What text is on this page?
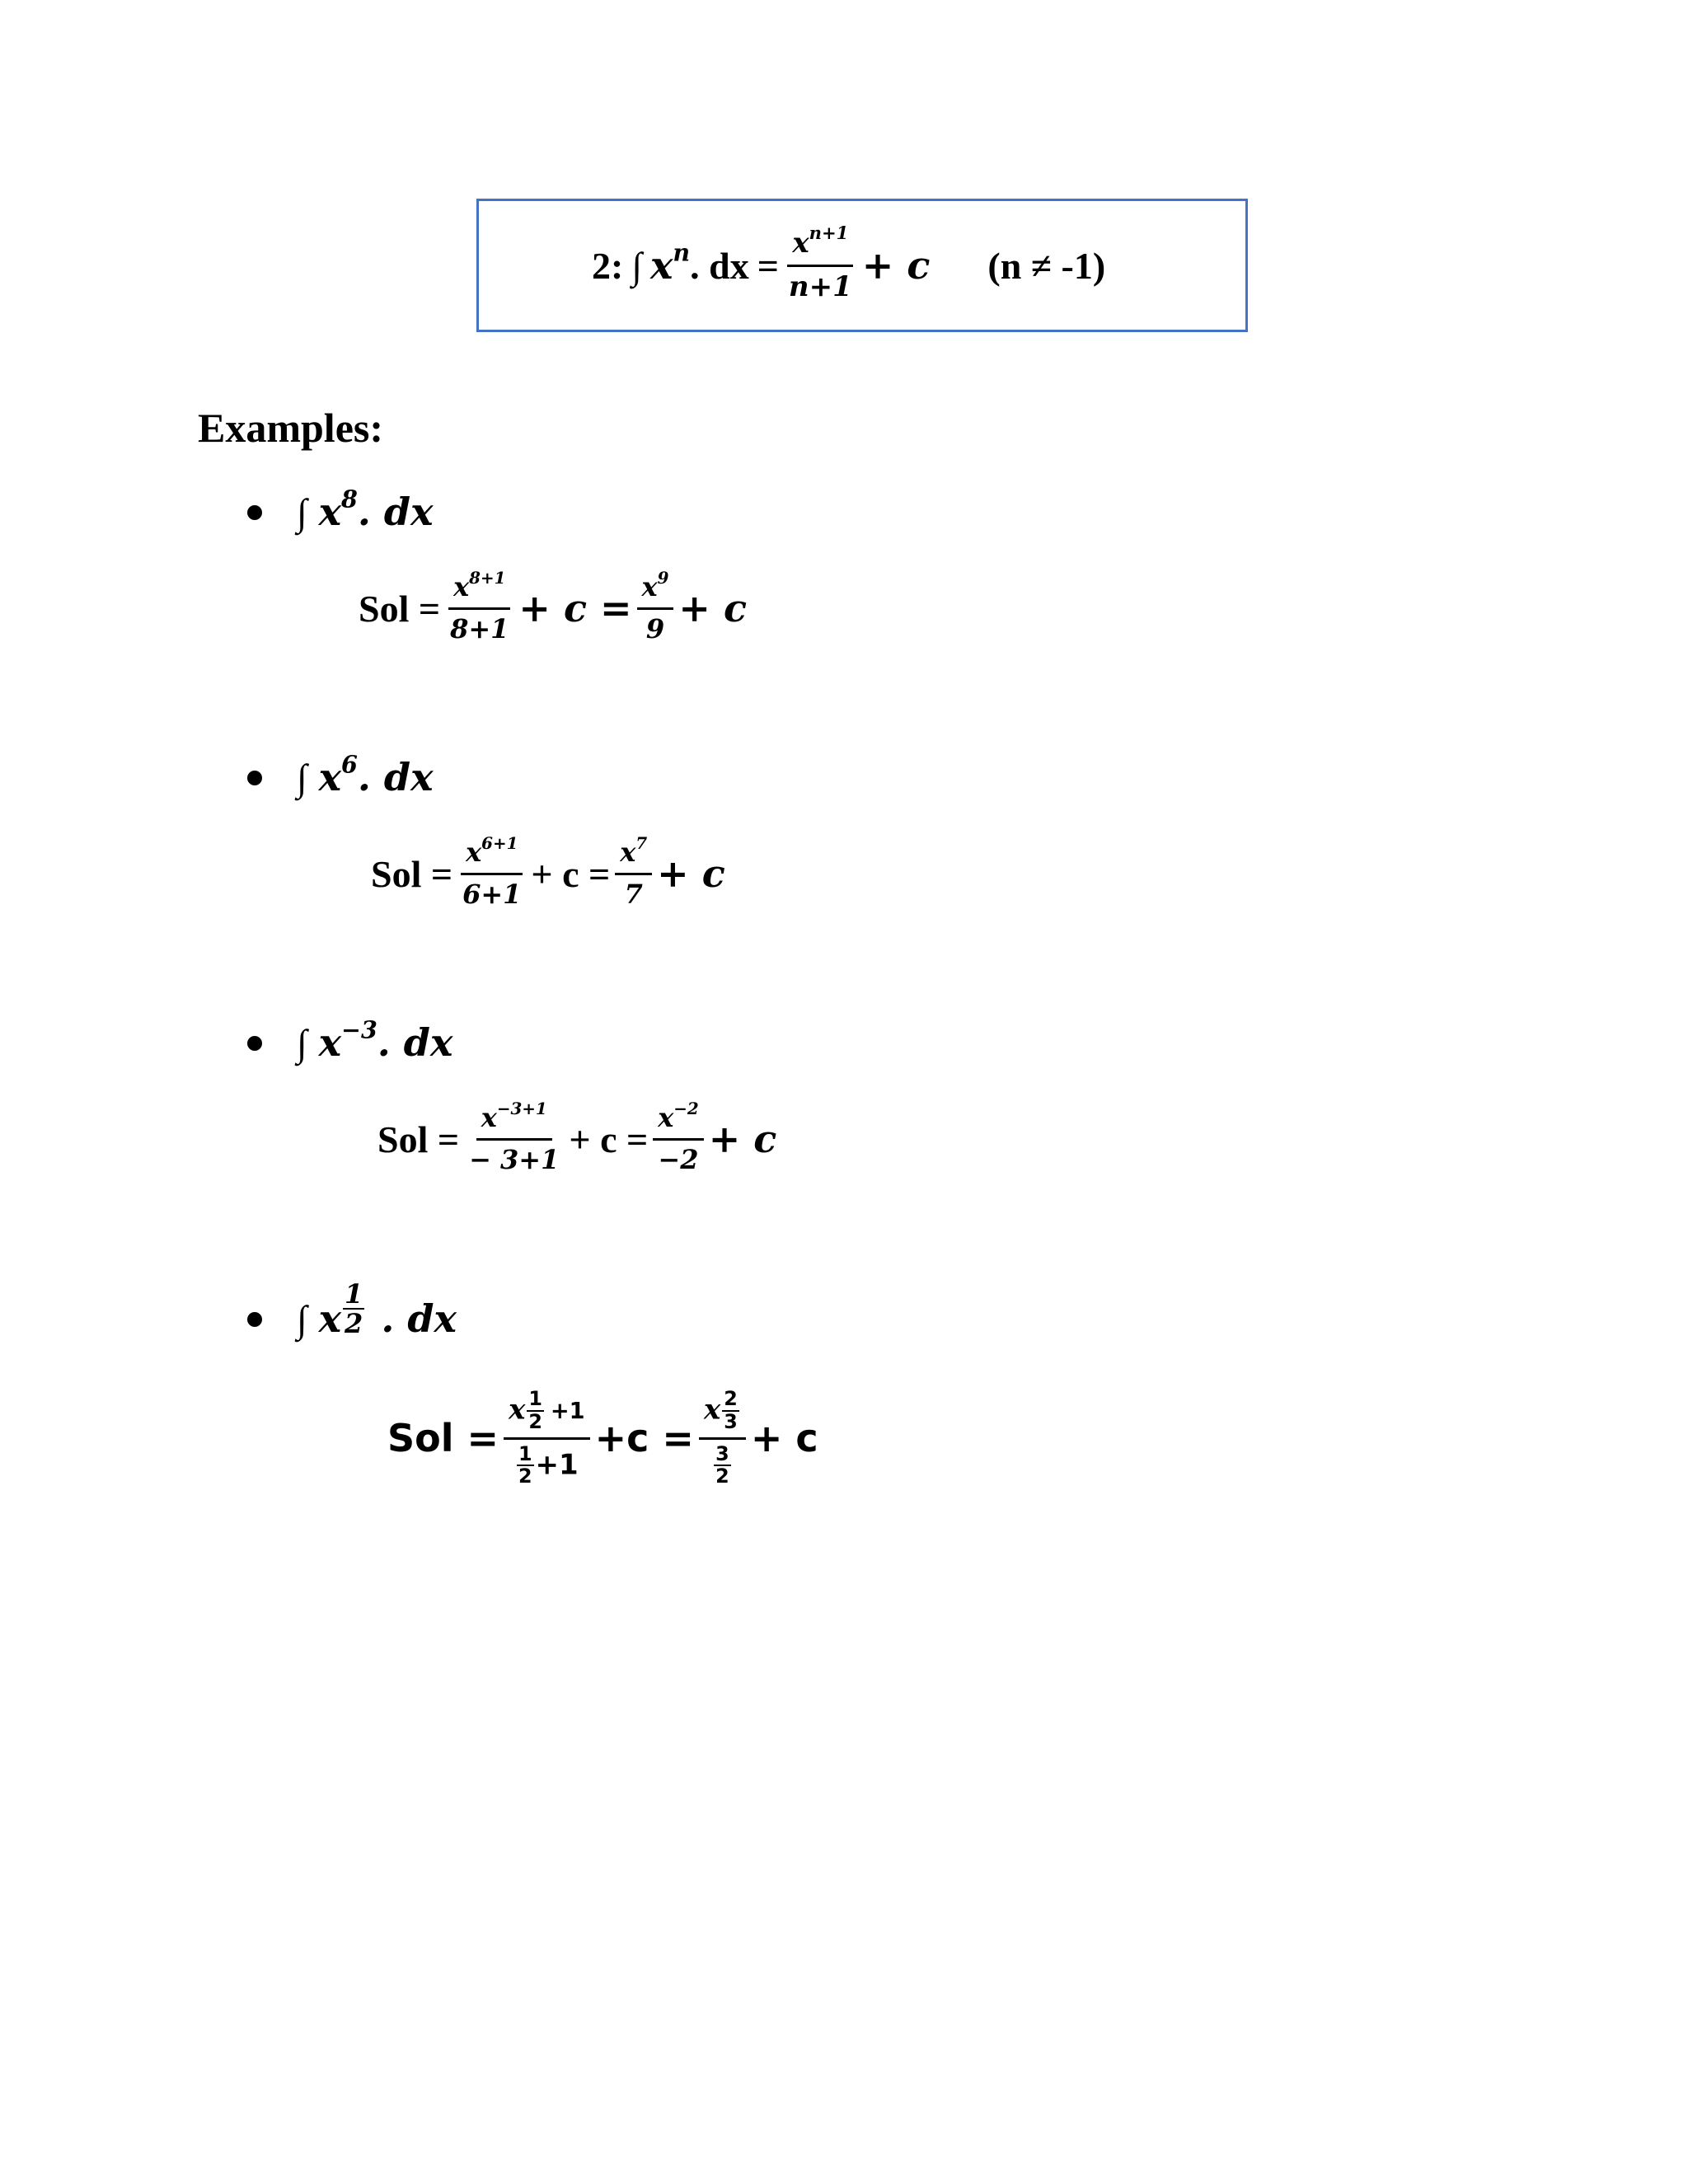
2: ∫ $x^n$ . dx = $\frac{x^{n+1}}{n+1} + c$ (n ≠ -1)
Examples:
∫ $x^8$ . dx
Sol = $\frac{x^{8+1}}{8+1} + c = \frac{x^9}{9} + c$
∫ $x^6$ . dx
Sol = $\frac{x^{6+1}}{6+1} + c = \frac{x^7}{7} + c$
∫ $x^{-3}$ . dx
Sol = $\frac{x^{-3+1}}{- 3+1} + c = \frac{x^{-2}}{-2} + c$
∫ x $\frac{1}{2}$ . dx
Sol = $\frac{x \frac{1}{2} +1}{\frac{1}{2} +1} +c = \frac{x \frac{2}{3}}{\frac{3}{2}} + c$
